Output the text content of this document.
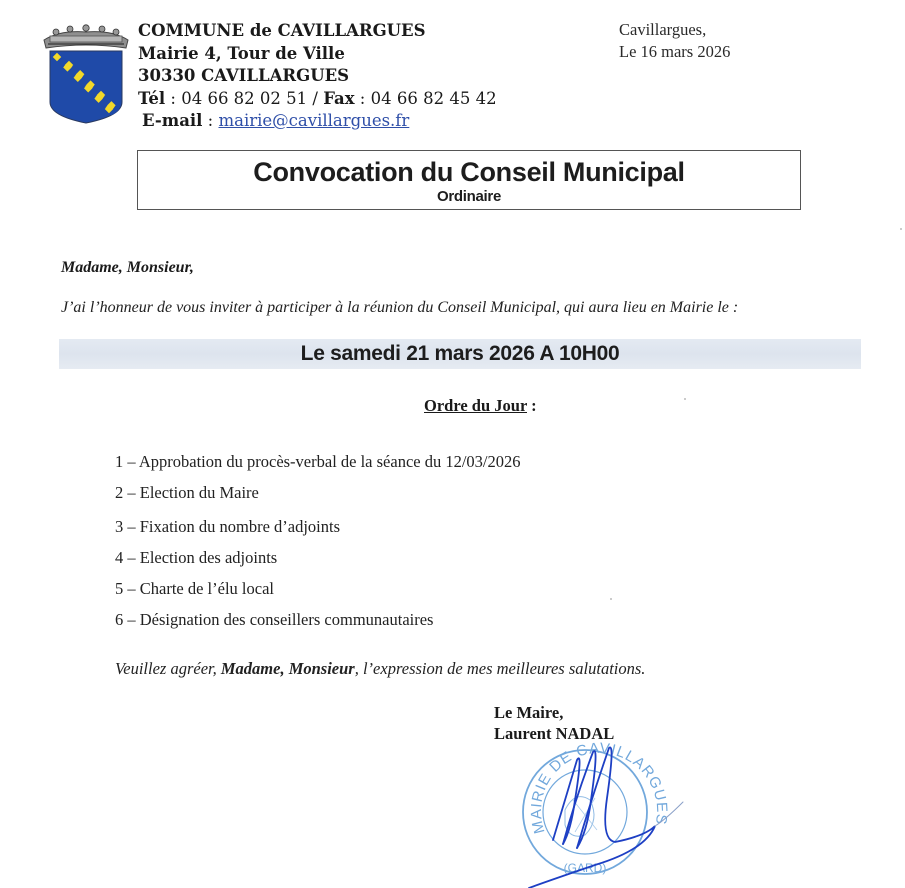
COMMUNE de CAVILLARGUES
Mairie 4, Tour de Ville
30330 CAVILLARGUES
Tél : 04 66 82 02 51 / Fax : 04 66 82 45 42
E-mail : mairie@cavillargues.fr
Cavillargues,
Le 16 mars 2026
Convocation du Conseil Municipal
Ordinaire
Madame, Monsieur,
J’ai l’honneur de vous inviter à participer à la réunion du Conseil Municipal, qui aura lieu en Mairie le :
Le samedi 21 mars 2026 A 10H00
Ordre du Jour :
1 – Approbation du procès-verbal de la séance du 12/03/2026
2 – Election du Maire
3 – Fixation du nombre d’adjoints
4 – Election des adjoints
5 – Charte de l’élu local
6 – Désignation des conseillers communautaires
Veuillez agréer, Madame, Monsieur, l’expression de mes meilleures salutations.
Le Maire,
Laurent NADAL
MAIRIE DE CAVILLARGUES
(GARD)
